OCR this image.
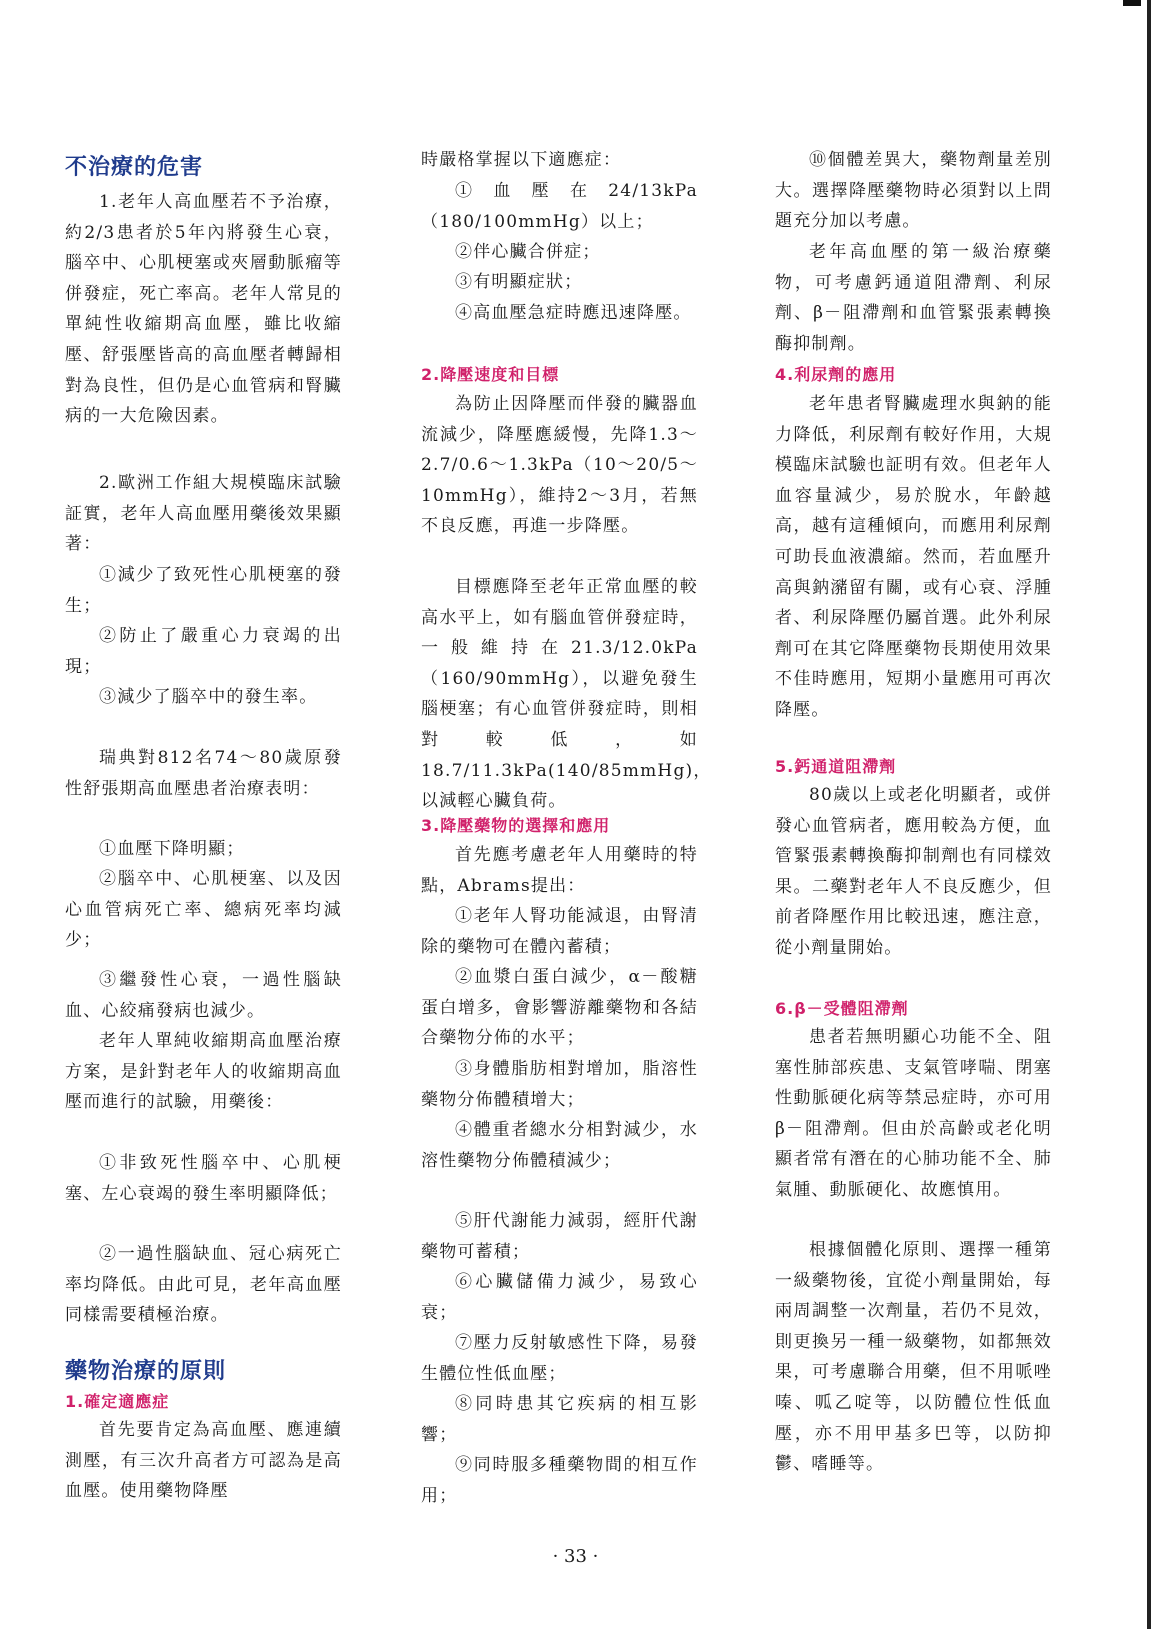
不治療的危害
1.老年人高血壓若不予治療，約2/3患者於5年內將發生心衰，腦卒中、心肌梗塞或夾層動脈瘤等併發症，死亡率高。老年人常見的單純性收縮期高血壓，雖比收縮壓、舒張壓皆高的高血壓者轉歸相對為良性，但仍是心血管病和腎臟病的一大危險因素。
2.歐洲工作組大規模臨床試驗証實，老年人高血壓用藥後效果顯著：
①減少了致死性心肌梗塞的發生；
②防止了嚴重心力衰竭的出現；
③減少了腦卒中的發生率。
瑞典對812名74～80歲原發性舒張期高血壓患者治療表明：
①血壓下降明顯；
②腦卒中、心肌梗塞、以及因心血管病死亡率、總病死率均減少；
③繼發性心衰，一過性腦缺血、心絞痛發病也減少。
老年人單純收縮期高血壓治療方案，是針對老年人的收縮期高血壓而進行的試驗，用藥後：
①非致死性腦卒中、心肌梗塞、左心衰竭的發生率明顯降低；
②一過性腦缺血、冠心病死亡率均降低。由此可見，老年高血壓同樣需要積極治療。
藥物治療的原則
1.確定適應症
首先要肯定為高血壓、應連續測壓，有三次升高者方可認為是高血壓。使用藥物降壓
時嚴格掌握以下適應症：
①血壓在24/13kPa（180/100mmHg）以上；
②伴心臟合併症；
③有明顯症狀；
④高血壓急症時應迅速降壓。
2.降壓速度和目標
為防止因降壓而伴發的臟器血流減少，降壓應緩慢，先降1.3～2.7/0.6～1.3kPa（10～20/5～10mmHg），維持2～3月，若無不良反應，再進一步降壓。
目標應降至老年正常血壓的較高水平上，如有腦血管併發症時，一般維持在21.3/12.0kPa（160/90mmHg），以避免發生腦梗塞；有心血管併發症時，則相對較低，如18.7/11.3kPa(140/85mmHg)，以減輕心臟負荷。
3.降壓藥物的選擇和應用
首先應考慮老年人用藥時的特點，Abrams提出：
①老年人腎功能減退，由腎清除的藥物可在體內蓄積；
②血漿白蛋白減少，α－酸糖蛋白增多，會影響游離藥物和各結合藥物分佈的水平；
③身體脂肪相對增加，脂溶性藥物分佈體積增大；
④體重者總水分相對減少，水溶性藥物分佈體積減少；
⑤肝代謝能力減弱，經肝代謝藥物可蓄積；
⑥心臟儲備力減少，易致心衰；
⑦壓力反射敏感性下降，易發生體位性低血壓；
⑧同時患其它疾病的相互影響；
⑨同時服多種藥物間的相互作用；
⑩個體差異大，藥物劑量差別大。選擇降壓藥物時必須對以上問題充分加以考慮。
老年高血壓的第一級治療藥物，可考慮鈣通道阻滯劑、利尿劑、β－阻滯劑和血管緊張素轉換酶抑制劑。
4.利尿劑的應用
老年患者腎臟處理水與鈉的能力降低，利尿劑有較好作用，大規模臨床試驗也証明有效。但老年人血容量減少，易於脫水，年齡越高，越有這種傾向，而應用利尿劑可助長血液濃縮。然而，若血壓升高與鈉瀦留有關，或有心衰、浮腫者、利尿降壓仍屬首選。此外利尿劑可在其它降壓藥物長期使用效果不佳時應用，短期小量應用可再次降壓。
5.鈣通道阻滯劑
80歲以上或老化明顯者，或併發心血管病者，應用較為方便，血管緊張素轉換酶抑制劑也有同樣效果。二藥對老年人不良反應少，但前者降壓作用比較迅速，應注意，從小劑量開始。
6.β－受體阻滯劑
患者若無明顯心功能不全、阻塞性肺部疾患、支氣管哮喘、閉塞性動脈硬化病等禁忌症時，亦可用β－阻滯劑。但由於高齡或老化明顯者常有潛在的心肺功能不全、肺氣腫、動脈硬化、故應慎用。
根據個體化原則、選擇一種第一級藥物後，宜從小劑量開始，每兩周調整一次劑量，若仍不見效，則更換另一種一級藥物，如都無效果，可考慮聯合用藥，但不用哌唑嗪、呱乙啶等，以防體位性低血壓，亦不用甲基多巴等，以防抑鬱、嗜睡等。
· 33 ·
